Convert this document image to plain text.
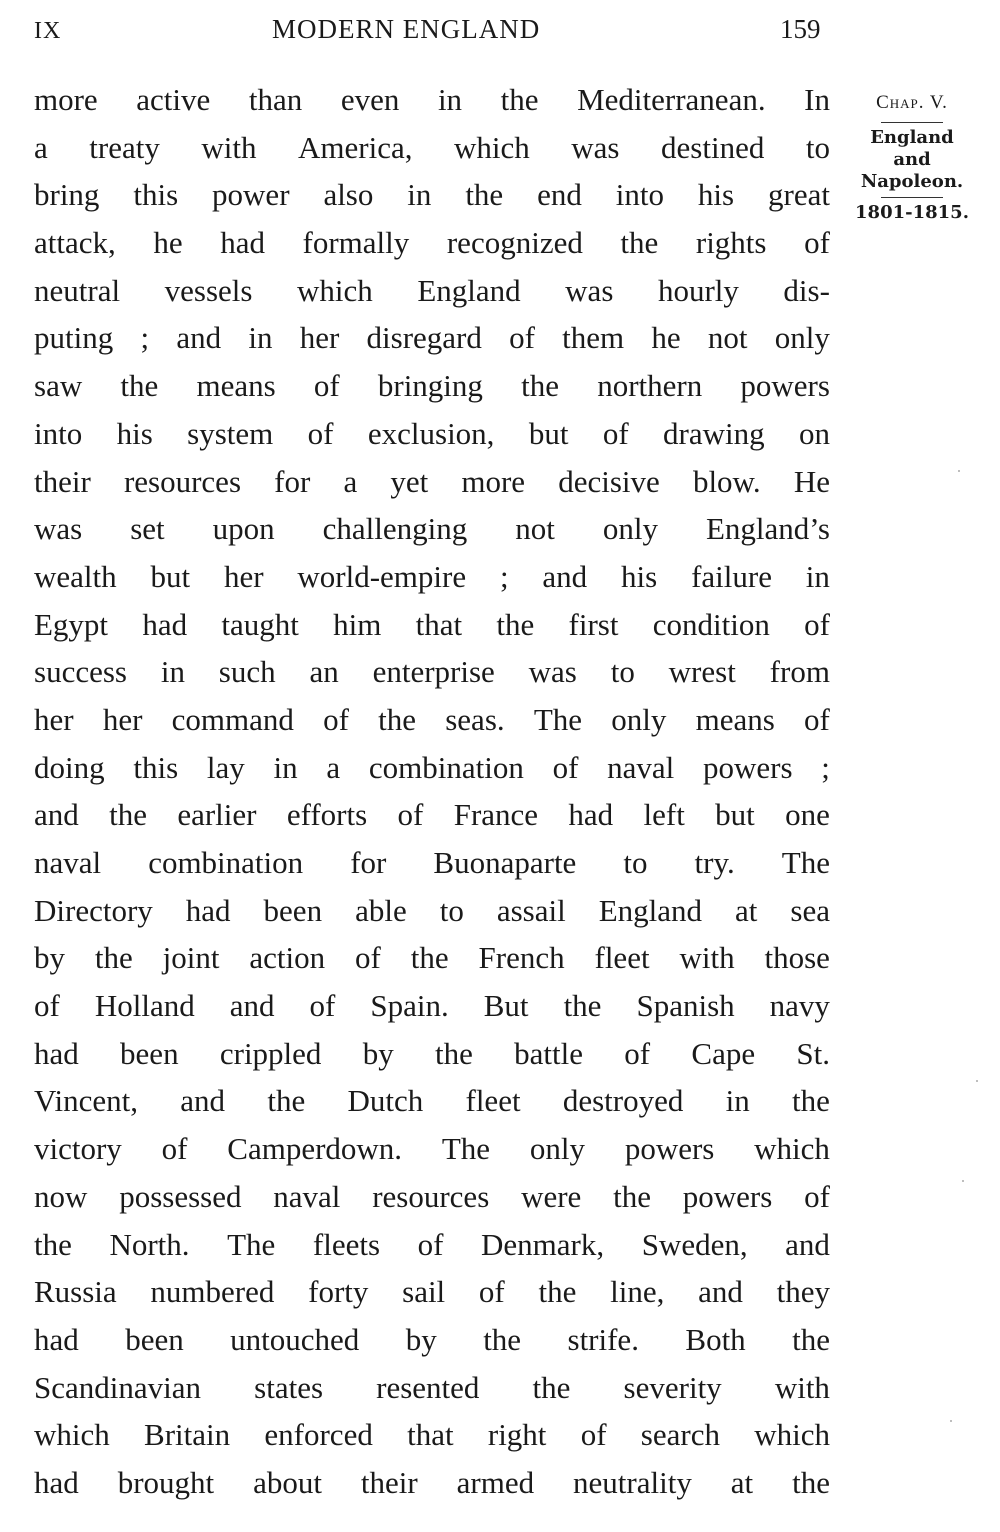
IX	MODERN ENGLAND	159
more active than even in the Mediterranean. In
a treaty with America, which was destined to
bring this power also in the end into his great
attack, he had formally recognized the rights of
neutral vessels which England was hourly dis-
puting ; and in her disregard of them he not only
saw the means of bringing the northern powers
into his system of exclusion, but of drawing on
their resources for a yet more decisive blow. He
was set upon challenging not only England’s
wealth but her world-empire ; and his failure in
Egypt had taught him that the first condition of
success in such an enterprise was to wrest from
her her command of the seas. The only means of
doing this lay in a combination of naval powers ;
and the earlier efforts of France had left but one
naval combination for Buonaparte to try. The
Directory had been able to assail England at sea
by the joint action of the French fleet with those
of Holland and of Spain. But the Spanish navy
had been crippled by the battle of Cape St.
Vincent, and the Dutch fleet destroyed in the
victory of Camperdown. The only powers which
now possessed naval resources were the powers of
the North. The fleets of Denmark, Sweden, and
Russia numbered forty sail of the line, and they
had been untouched by the strife. Both the
Scandinavian states resented the severity with
which Britain enforced that right of search which
had brought about their armed neutrality at the
Chap. V.
England
and
Napoleon.
1801-1815.
